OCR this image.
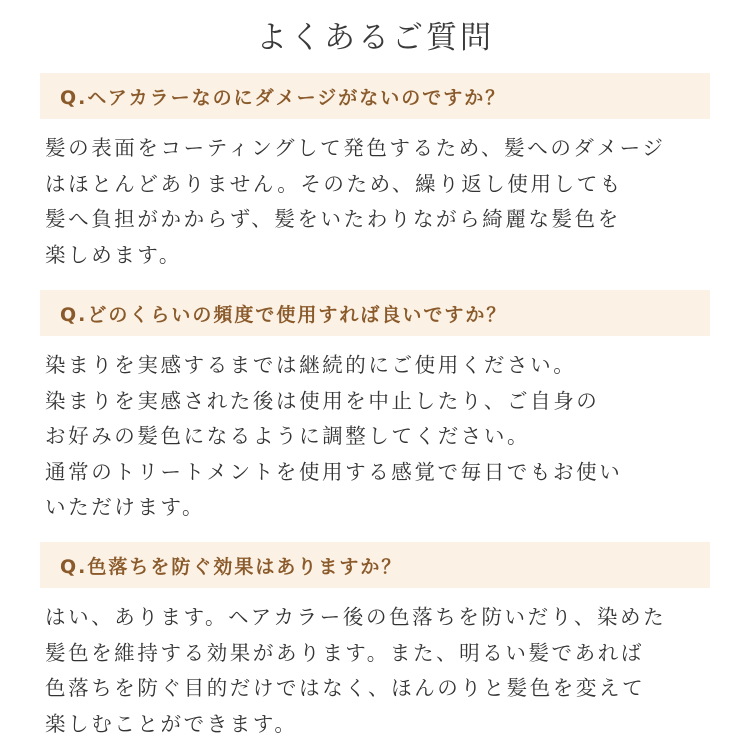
よくあるご質問
Q.ヘアカラーなのにダメージがないのですか？
髪の表面をコーティングして発色するため、髪へのダメージ
はほとんどありません。そのため、繰り返し使用しても
髪へ負担がかからず、髪をいたわりながら綺麗な髪色を
楽しめます。
Q.どのくらいの頻度で使用すれば良いですか？
染まりを実感するまでは継続的にご使用ください。
染まりを実感された後は使用を中止したり、ご自身の
お好みの髪色になるように調整してください。
通常のトリートメントを使用する感覚で毎日でもお使い
いただけます。
Q.色落ちを防ぐ効果はありますか？
はい、あります。ヘアカラー後の色落ちを防いだり、染めた
髪色を維持する効果があります。また、明るい髪であれば
色落ちを防ぐ目的だけではなく、ほんのりと髪色を変えて
楽しむことができます。
